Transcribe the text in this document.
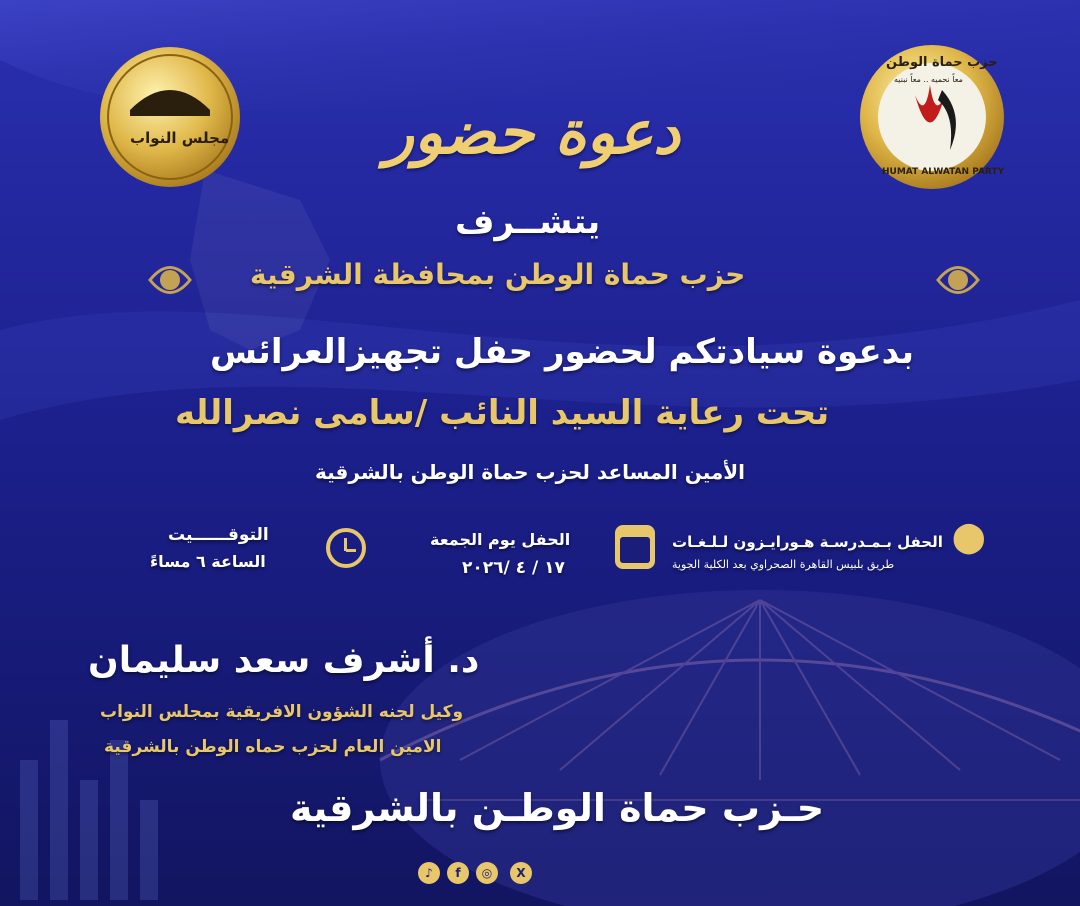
مجلس النواب
حزب حماة الوطن
معاً نحميه .. معاً نبنيه
HUMAT ALWATAN PARTY
دعوة حضور

يتشــرف

حزب حماة الوطن بمحافظة الشرقية

بدعوة سيادتكم لحضور حفل تجهيزالعرائس

تحت رعاية السيد النائب /سامى نصرالله

الأمين المساعد لحزب حماة الوطن بالشرقية

⬤

الحفل بـمـدرسـة هـورايـزون لـلـغـات

طريق بلبيس القاهرة الصحراوي بعد الكلية الجوية

الحفل يوم الجمعة

١٧ / ٤ /٢٠٢٦

التوقــــــيت

الساعة ٦ مساءً

د. أشرف سعد سليمان

وكيل لجنه الشؤون الافريقية بمجلس النواب

الامين العام لحزب حماه الوطن بالشرقية

حـزب حماة الوطـن بالشرقية

♪	f	◎	X
